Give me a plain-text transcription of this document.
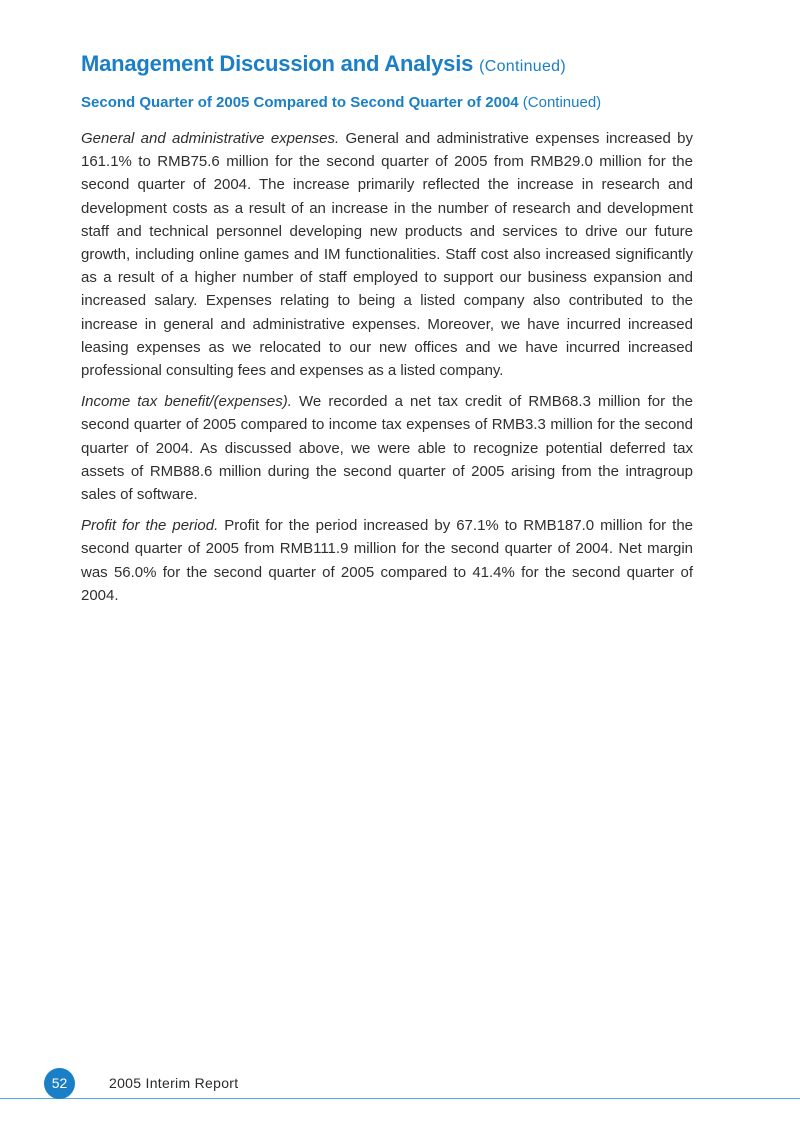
Management Discussion and Analysis (Continued)
Second Quarter of 2005 Compared to Second Quarter of 2004 (Continued)

General and administrative expenses. General and administrative expenses increased by 161.1% to RMB75.6 million for the second quarter of 2005 from RMB29.0 million for the second quarter of 2004. The increase primarily reflected the increase in research and development costs as a result of an increase in the number of research and development staff and technical personnel developing new products and services to drive our future growth, including online games and IM functionalities. Staff cost also increased significantly as a result of a higher number of staff employed to support our business expansion and increased salary. Expenses relating to being a listed company also contributed to the increase in general and administrative expenses. Moreover, we have incurred increased leasing expenses as we relocated to our new offices and we have incurred increased professional consulting fees and expenses as a listed company.

Income tax benefit/(expenses). We recorded a net tax credit of RMB68.3 million for the second quarter of 2005 compared to income tax expenses of RMB3.3 million for the second quarter of 2004. As discussed above, we were able to recognize potential deferred tax assets of RMB88.6 million during the second quarter of 2005 arising from the intragroup sales of software.

Profit for the period. Profit for the period increased by 67.1% to RMB187.0 million for the second quarter of 2005 from RMB111.9 million for the second quarter of 2004. Net margin was 56.0% for the second quarter of 2005 compared to 41.4% for the second quarter of 2004.

52	2005 Interim Report
